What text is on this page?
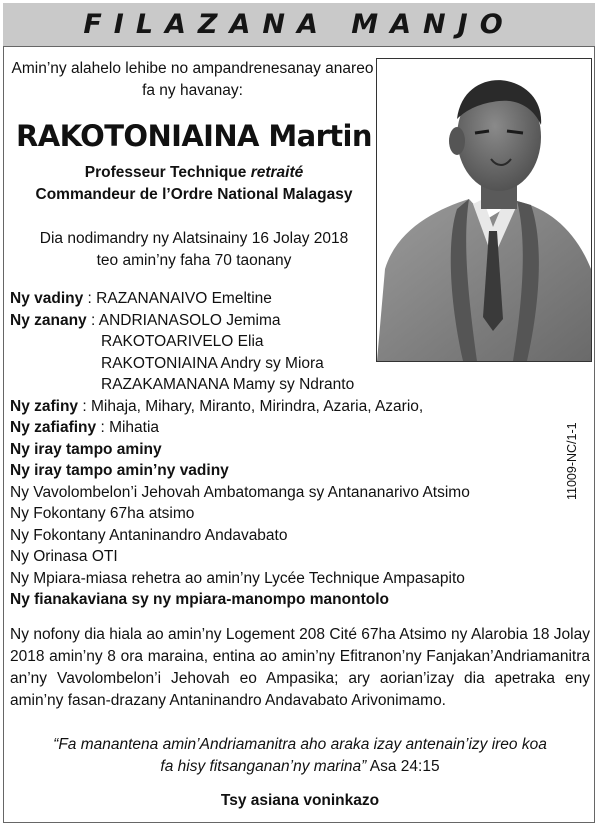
FILAZANA MANJO
Amin’ny alahelo lehibe no ampandrenesanay anareo
fa ny havanay:
RAKOTONIAINA Martin
Professeur Technique retraité
Commandeur de l’Ordre National Malagasy
Dia nodimandry ny Alatsinainy 16 Jolay 2018
teo amin’ny faha 70 taonany
Ny vadiny : RAZANANAIVO Emeltine
Ny zanany : ANDRIANASOLO Jemima
RAKOTOARIVELO Elia
RAKOTONIAINA Andry sy Miora
RAZAKAMANANA Mamy sy Ndranto
Ny zafiny : Mihaja, Mihary, Miranto, Mirindra, Azaria, Azario,
Ny zafiafiny : Mihatia
Ny iray tampo aminy
Ny iray tampo amin’ny vadiny
Ny Vavolombelon’i Jehovah Ambatomanga sy Antananarivo Atsimo
Ny Fokontany 67ha atsimo
Ny Fokontany Antaninandro Andavabato
Ny Orinasa OTI
Ny Mpiara-miasa rehetra ao amin’ny Lycée Technique Ampasapito
Ny fianakaviana sy ny mpiara-manompo manontolo
11009-NC/1-1
Ny nofony dia hiala ao amin’ny Logement 208 Cité 67ha Atsimo ny Alarobia 18 Jolay 2018 amin’ny 8 ora maraina, entina ao amin’ny Efitranon’ny Fanjakan’Andriamanitra an’ny Vavolombelon’i Jehovah eo Ampasika; ary aorian’izay dia apetraka eny amin’ny fasan-drazany Antaninandro Andavabato Arivonimamo.
“Fa manantena amin’Andriamanitra aho araka izay antenain’izy ireo koa
fa hisy fitsanganan’ny marina” Asa 24:15
Tsy asiana voninkazo
